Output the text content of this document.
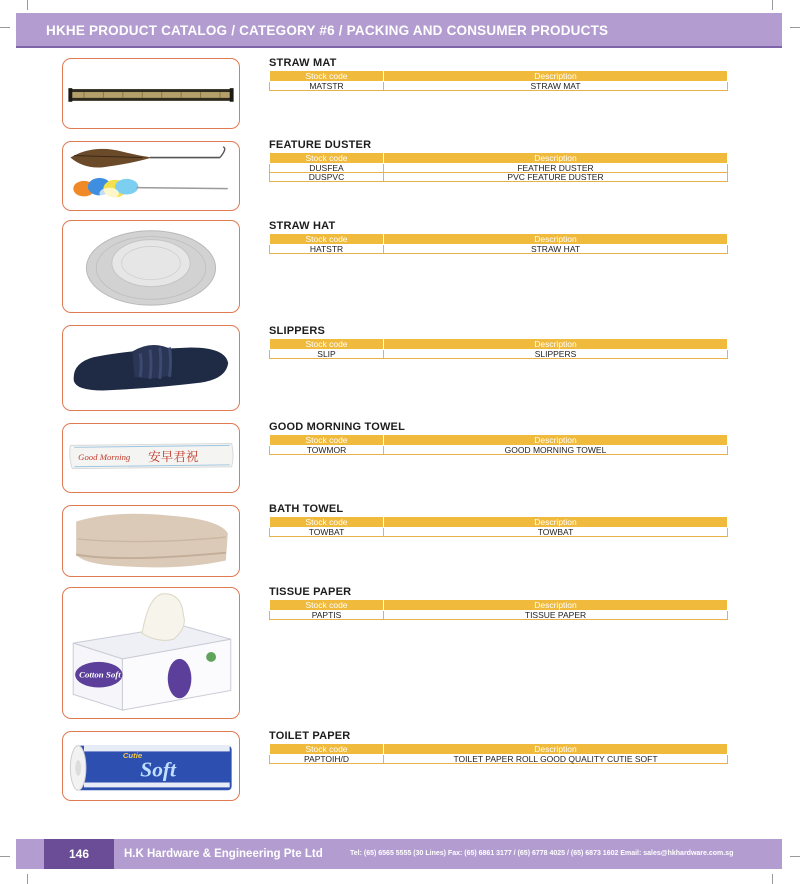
HKHE PRODUCT CATALOG / CATEGORY #6 / PACKING AND CONSUMER PRODUCTS
Good Morning 安早君祝
Cotton Soft
Cutie
Soft
STRAW MAT
Stock code	Description
MATSTR	STRAW MAT
FEATURE DUSTER
Stock code	Description
DUSFEA	FEATHER DUSTER
DUSPVC	PVC FEATURE DUSTER
STRAW HAT
Stock code	Description
HATSTR	STRAW HAT
SLIPPERS
Stock code	Description
SLIP	SLIPPERS
GOOD MORNING TOWEL
Stock code	Description
TOWMOR	GOOD MORNING TOWEL
BATH TOWEL
Stock code	Description
TOWBAT	TOWBAT
TISSUE PAPER
Stock code	Description
PAPTIS	TISSUE PAPER
TOILET PAPER
Stock code	Description
PAPTOIH/D	TOILET PAPER ROLL GOOD QUALITY CUTIE SOFT
146	H.K Hardware & Engineering Pte Ltd	Tel: (65) 6565 5555 (30 Lines) Fax: (65) 6861 3177 / (65) 6778 4025 / (65) 6873 1602 Email: sales@hkhardware.com.sg
